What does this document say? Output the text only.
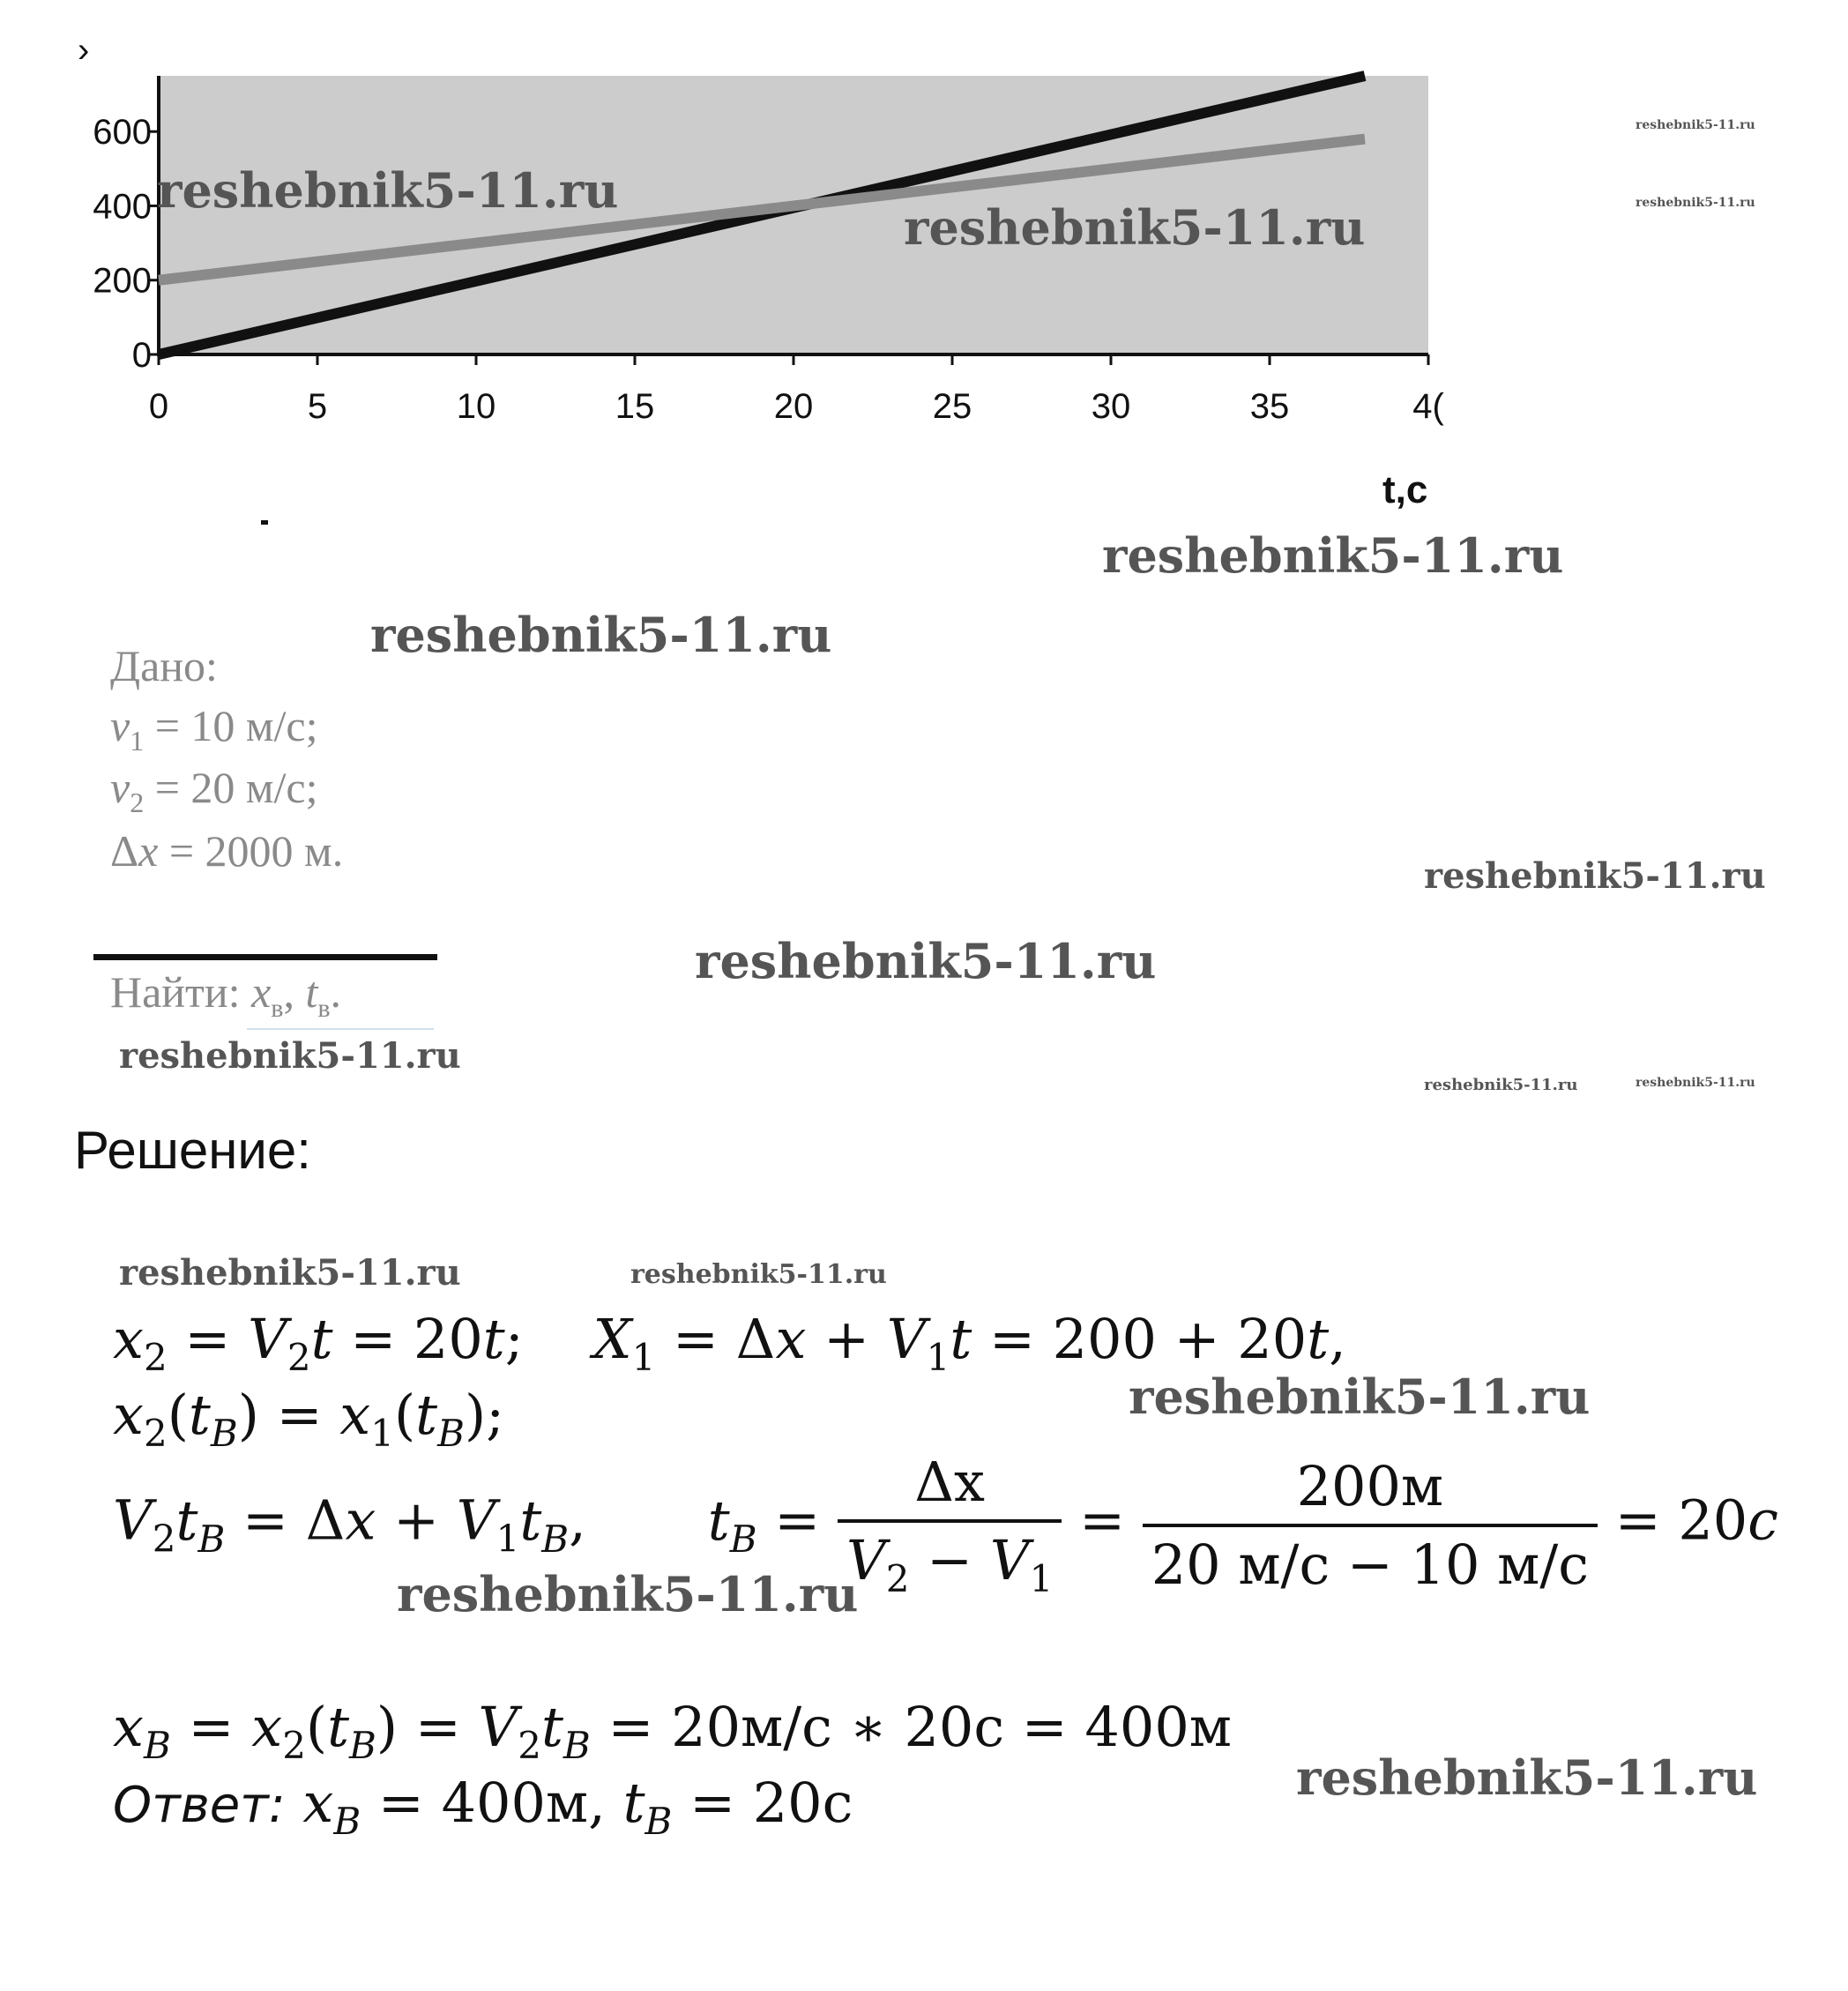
0	5	10	15	20	25	30	35	4(
0
200
400
600
›
t,c
reshebnik5-11.ru
reshebnik5-11.ru
reshebnik5-11.ru
reshebnik5-11.ru
reshebnik5-11.ru
reshebnik5-11.ru
Дано:
$v_1 = 10$ м/с;
$v_2 = 20$ м/с;
Δx = 2000 м.
reshebnik5-11.ru
reshebnik5-11.ru
Найти: $x_в$, $t_в$.
reshebnik5-11.ru
reshebnik5-11.ru	reshebnik5-11.ru
Решение:
reshebnik5-11.ru	reshebnik5-11.ru
$x_2 = V_2t = 20t$;    $X_1 = \Delta x + V_1t = 200 + 20t$,
reshebnik5-11.ru
$x_2(t_B) = x_1(t_B)$;
$V_2t_B = \Delta x + V_1t_B$,       $t_B = \frac{\Delta x}{V_2 - V_1} = \frac{200м}{20 м/с - 10 м/с} = 20c$
reshebnik5-11.ru
$x_B = x_2(t_B) = V_2t_B = 20м/с$ ∗ 20с = 400м
reshebnik5-11.ru
Ответ: $x_B = 400м$, $t_B = 20с$
